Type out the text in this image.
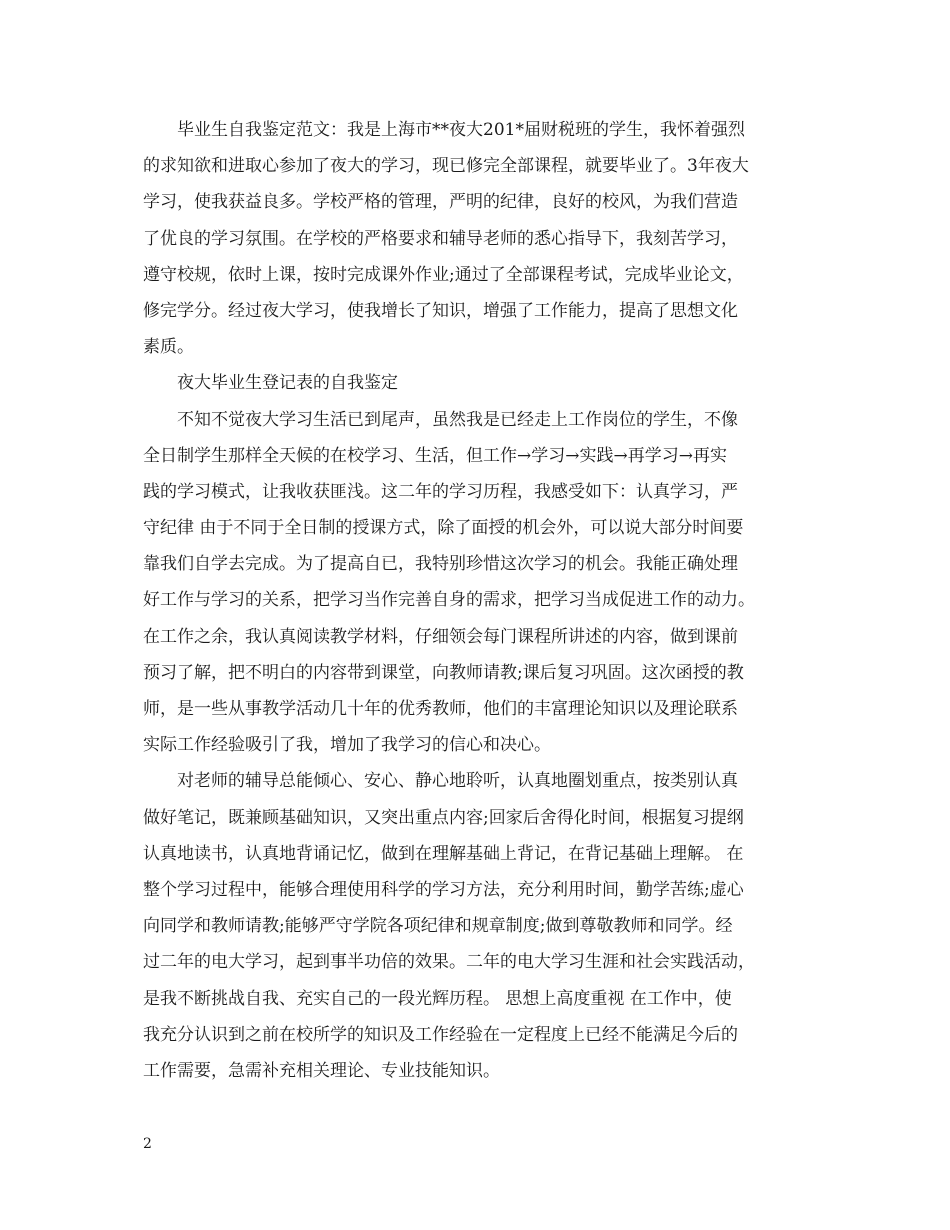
毕业生自我鉴定范文：我是上海市**夜大201*届财税班的学生，我怀着强烈
的求知欲和进取心参加了夜大的学习，现已修完全部课程，就要毕业了。3年夜大
学习，使我获益良多。学校严格的管理，严明的纪律，良好的校风，为我们营造
了优良的学习氛围。在学校的严格要求和辅导老师的悉心指导下，我刻苦学习，
遵守校规，依时上课，按时完成课外作业;通过了全部课程考试，完成毕业论文，
修完学分。经过夜大学习，使我增长了知识，增强了工作能力，提高了思想文化
素质。
夜大毕业生登记表的自我鉴定
不知不觉夜大学习生活已到尾声，虽然我是已经走上工作岗位的学生，不像
全日制学生那样全天候的在校学习、生活，但工作→学习→实践→再学习→再实
践的学习模式，让我收获匪浅。这二年的学习历程，我感受如下：认真学习，严
守纪律 由于不同于全日制的授课方式，除了面授的机会外，可以说大部分时间要
靠我们自学去完成。为了提高自已，我特别珍惜这次学习的机会。我能正确处理
好工作与学习的关系，把学习当作完善自身的需求，把学习当成促进工作的动力。
在工作之余，我认真阅读教学材料，仔细领会每门课程所讲述的内容，做到课前
预习了解，把不明白的内容带到课堂，向教师请教;课后复习巩固。这次函授的教
师，是一些从事教学活动几十年的优秀教师，他们的丰富理论知识以及理论联系
实际工作经验吸引了我，增加了我学习的信心和决心。
对老师的辅导总能倾心、安心、静心地聆听，认真地圈划重点，按类别认真
做好笔记，既兼顾基础知识，又突出重点内容;回家后舍得化时间，根据复习提纲
认真地读书，认真地背诵记忆，做到在理解基础上背记，在背记基础上理解。 在
整个学习过程中，能够合理使用科学的学习方法，充分利用时间，勤学苦练;虚心
向同学和教师请教;能够严守学院各项纪律和规章制度;做到尊敬教师和同学。经
过二年的电大学习，起到事半功倍的效果。二年的电大学习生涯和社会实践活动，
是我不断挑战自我、充实自己的一段光辉历程。 思想上高度重视 在工作中，使
我充分认识到之前在校所学的知识及工作经验在一定程度上已经不能满足今后的
工作需要，急需补充相关理论、专业技能知识。
2
